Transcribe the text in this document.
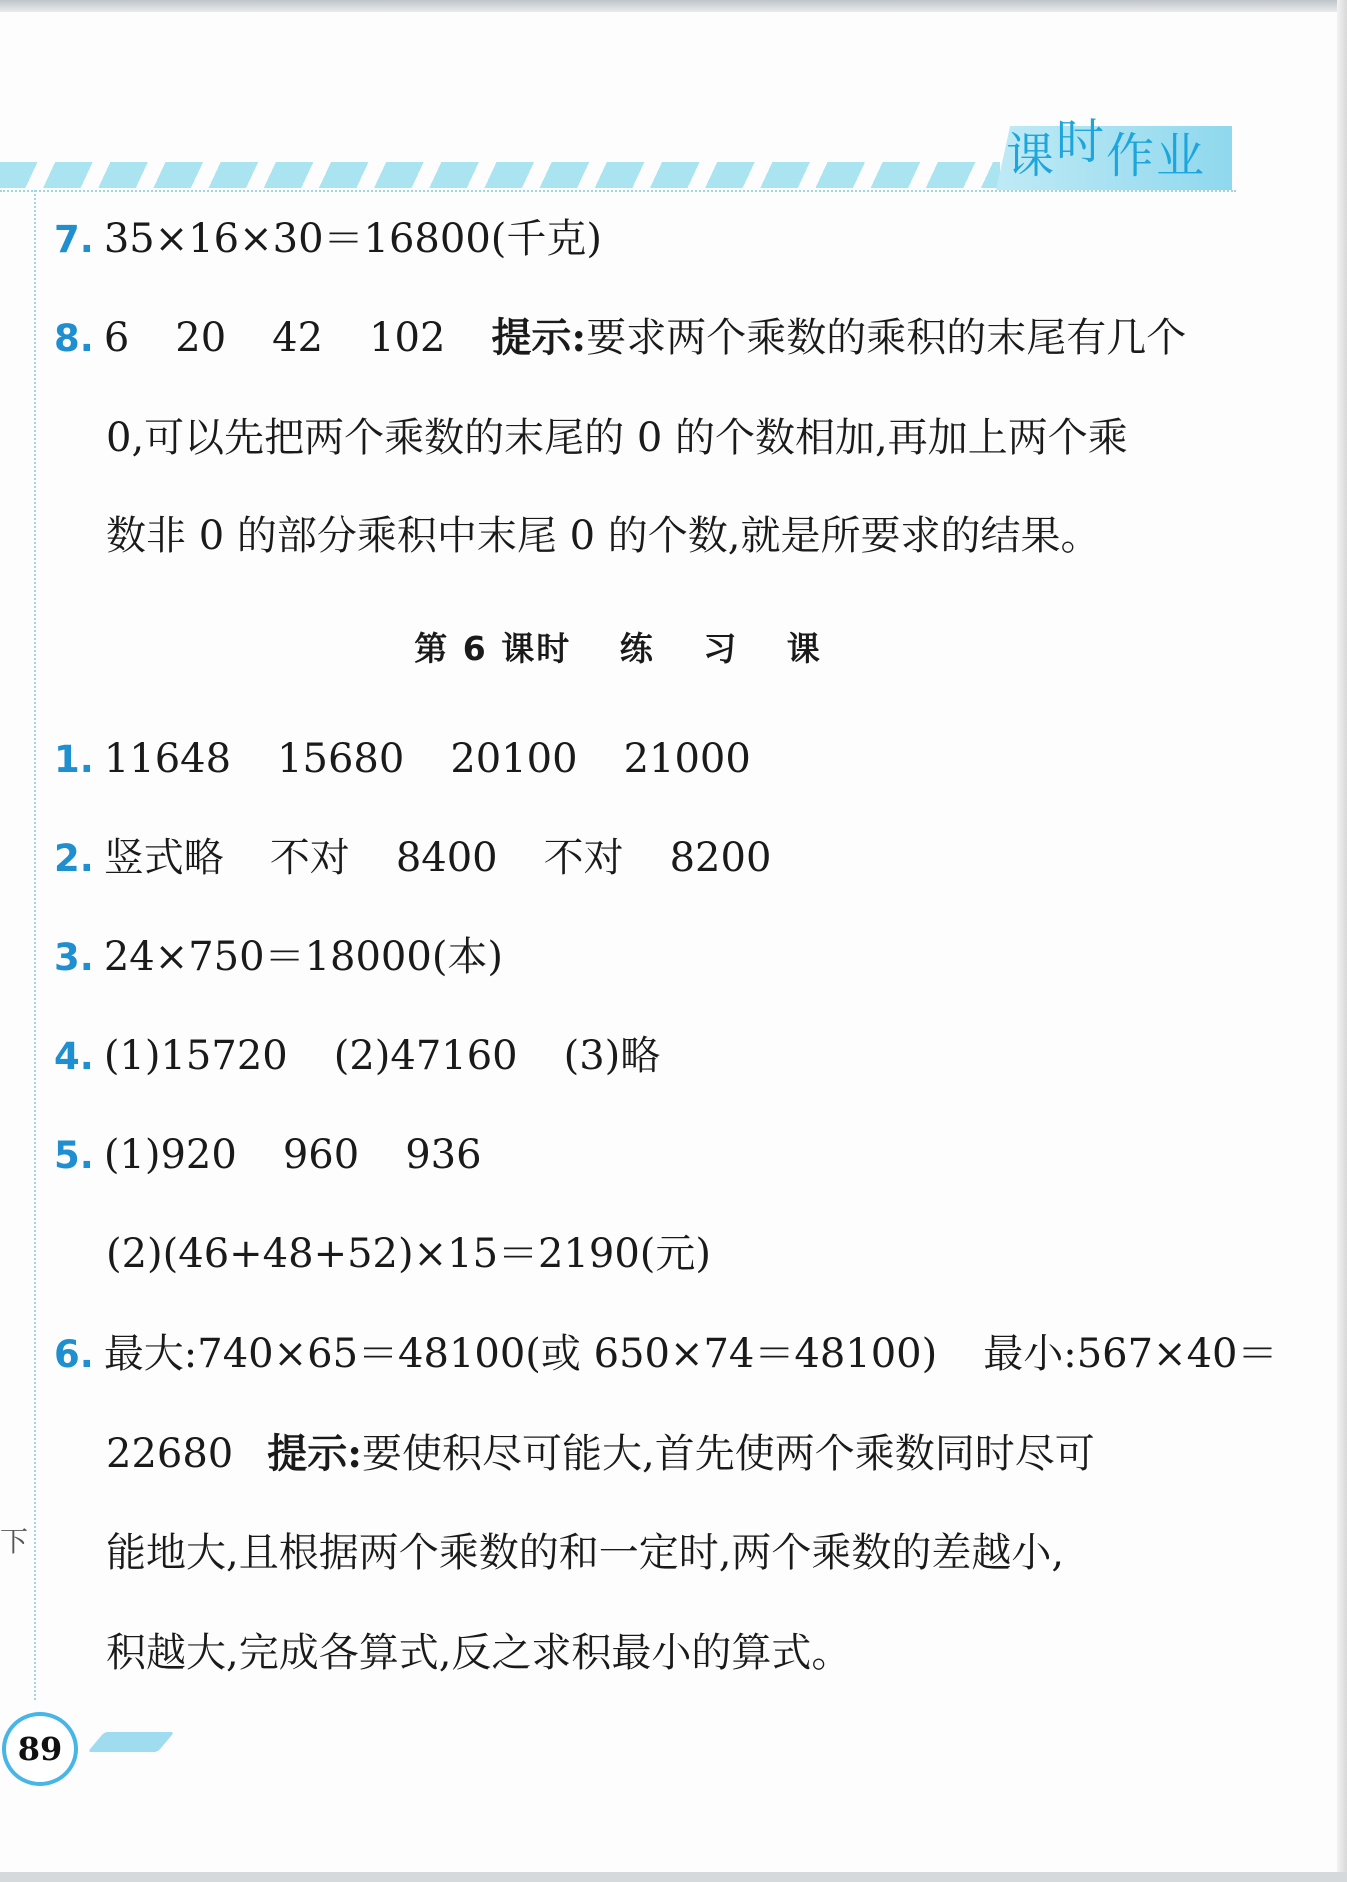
课时作业
7. 35×16×30＝16800(千克)
8. 6 20 42 102 提示:要求两个乘数的乘积的末尾有几个
0,可以先把两个乘数的末尾的 0 的个数相加,再加上两个乘
数非 0 的部分乘积中末尾 0 的个数,就是所要求的结果。
第 6 课时　 练　 习　 课
1. 11648 15680 20100 21000
2. 竖式略 不对 8400 不对 8200
3. 24×750＝18000(本)
4. (1)15720 (2)47160 (3)略
5. (1)920 960 936
(2)(46+48+52)×15＝2190(元)
6. 最大:740×65＝48100(或 650×74＝48100) 最小:567×40＝
22680 提示:要使积尽可能大,首先使两个乘数同时尽可
能地大,且根据两个乘数的和一定时,两个乘数的差越小,
积越大,完成各算式,反之求积最小的算式。
下
89
